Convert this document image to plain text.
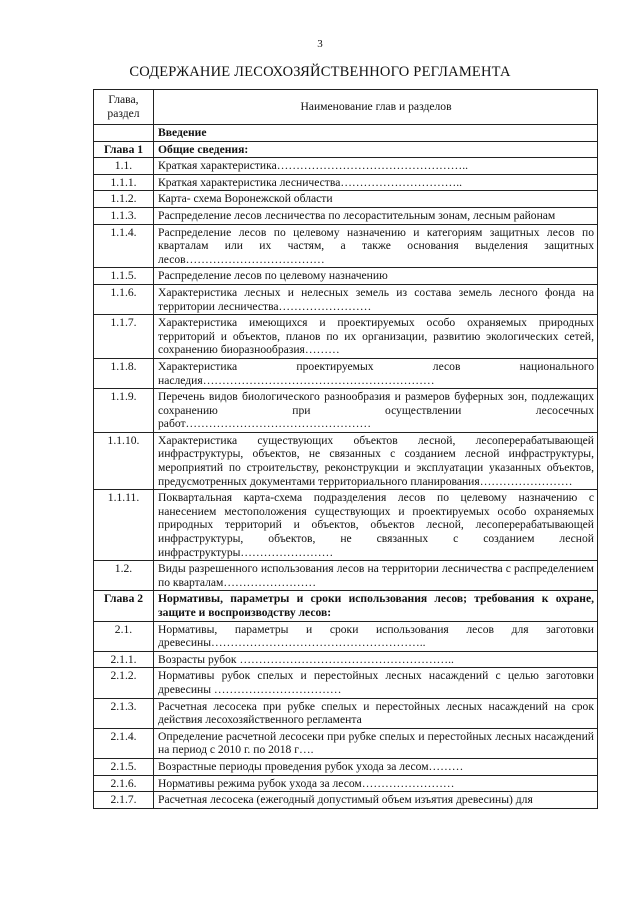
3
СОДЕРЖАНИЕ ЛЕСОХОЗЯЙСТВЕННОГО РЕГЛАМЕНТА
Глава, раздел	Наименование глав и разделов
	Введение
Глава 1	Общие сведения:
1.1.	Краткая характеристика…………………………………………..
1.1.1.	Краткая характеристика лесничества…………………………..
1.1.2.	Карта- схема Воронежской области
1.1.3.	Распределение лесов лесничества по лесорастительным зонам, лесным районам
1.1.4.	Распределение лесов по целевому назначению и категориям защитных лесов по кварталам или их частям, а также основания выделения защитных лесов………………………………
1.1.5.	Распределение лесов по целевому назначению
1.1.6.	Характеристика лесных и нелесных земель из состава земель лесного фонда на территории лесничества……………………
1.1.7.	Характеристика имеющихся и проектируемых особо охраняемых природных территорий и объектов, планов по их организации, развитию экологических сетей, сохранению биоразнообразия………
1.1.8.	Характеристика проектируемых лесов национального наследия……………………………………………………
1.1.9.	Перечень видов биологического разнообразия и размеров буферных зон, подлежащих сохранению при осуществлении лесосечных работ…………………………………………
1.1.10.	Характеристика существующих объектов лесной, лесоперерабатывающей инфраструктуры, объектов, не связанных с созданием лесной инфраструктуры, мероприятий по строительству, реконструкции и эксплуатации указанных объектов, предусмотренных документами территориального планирования……………………
1.1.11.	Поквартальная карта-схема подразделения лесов по целевому назначению с нанесением местоположения существующих и проектируемых особо охраняемых природных территорий и объектов, объектов лесной, лесоперерабатывающей инфраструктуры, объектов, не связанных с созданием лесной инфраструктуры……………………
1.2.	Виды разрешенного использования лесов на территории лесничества с распределением по кварталам……………………
Глава 2	Нормативы, параметры и сроки использования лесов; требования к охране, защите и воспроизводству лесов:
2.1.	Нормативы, параметры и сроки использования лесов для заготовки древесины………………………………………………..
2.1.1.	Возрасты рубок ………………………………………………..
2.1.2.	Нормативы рубок спелых и перестойных лесных насаждений с целью заготовки древесины ……………………………
2.1.3.	Расчетная лесосека при рубке спелых и перестойных лесных насаждений на срок действия лесохозяйственного регламента
2.1.4.	Определение расчетной лесосеки при рубке спелых и перестойных лесных насаждений на период с 2010 г. по 2018 г….
2.1.5.	Возрастные периоды проведения рубок ухода за лесом………
2.1.6.	Нормативы режима рубок ухода за лесом……………………
2.1.7.	Расчетная лесосека (ежегодный допустимый объем изъятия древесины) для
